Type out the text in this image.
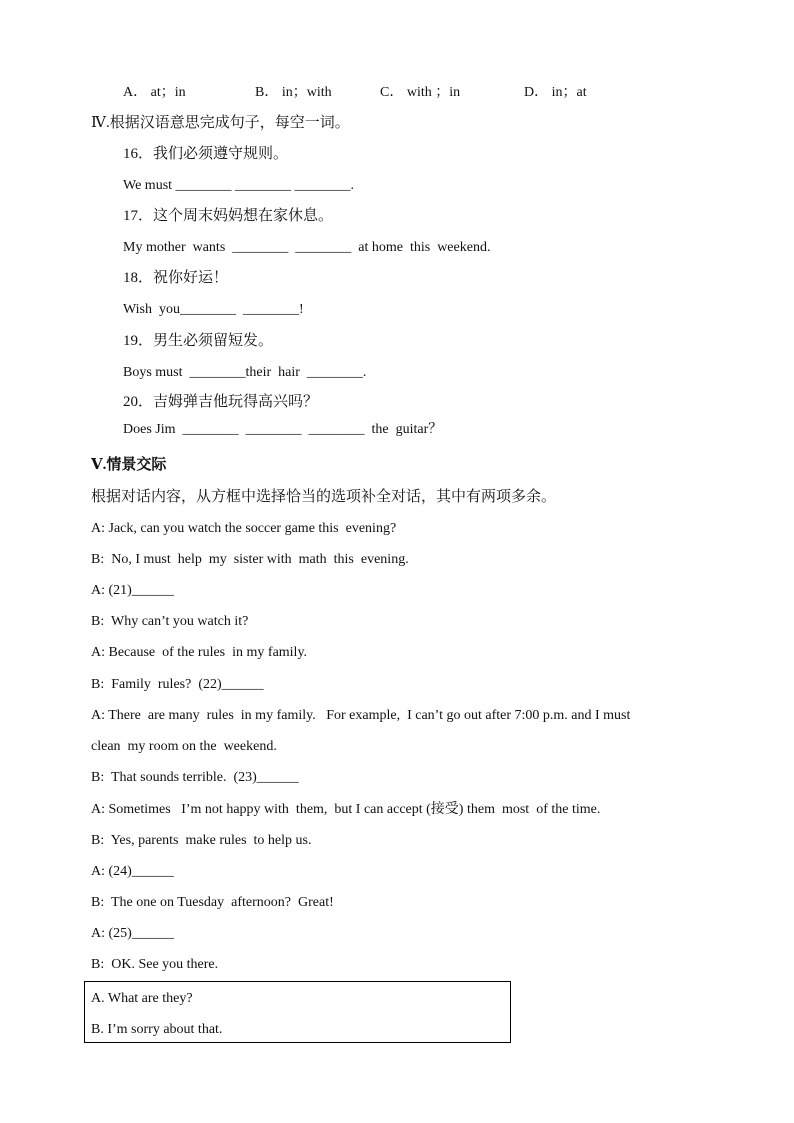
A． at；in	B． in；with	C． with ；in	D． in；at
Ⅳ.根据汉语意思完成句子，每空一词。
16．我们必须遵守规则。
We must ________ ________ ________.
17．这个周末妈妈想在家休息。
My mother  wants  ________  ________  at home  this  weekend.
18．祝你好运！
Wish  you________  ________!
19．男生必须留短发。
Boys must  ________their  hair  ________.
20．吉姆弹吉他玩得高兴吗？
Does Jim  ________  ________  ________  the  guitar？
Ⅴ.情景交际
根据对话内容，从方框中选择恰当的选项补全对话，其中有两项多余。
A: Jack, can you watch the soccer game this  evening?
B:  No, I must  help  my  sister with  math  this  evening.
A: (21)______
B:  Why can’t you watch it?
A: Because  of the rules  in my family.
B:  Family  rules?  (22)______
A: There  are many  rules  in my family.   For example,  I can’t go out after 7:00 p.m. and I must
clean  my room on the  weekend.
B:  That sounds terrible.  (23)______
A: Sometimes   I’m not happy with  them,  but I can accept (接受) them  most  of the time.
B:  Yes, parents  make rules  to help us.
A: (24)______
B:  The one on Tuesday  afternoon?  Great!
A: (25)______
B:  OK. See you there.
A. What are they?
B. I’m sorry about that.
